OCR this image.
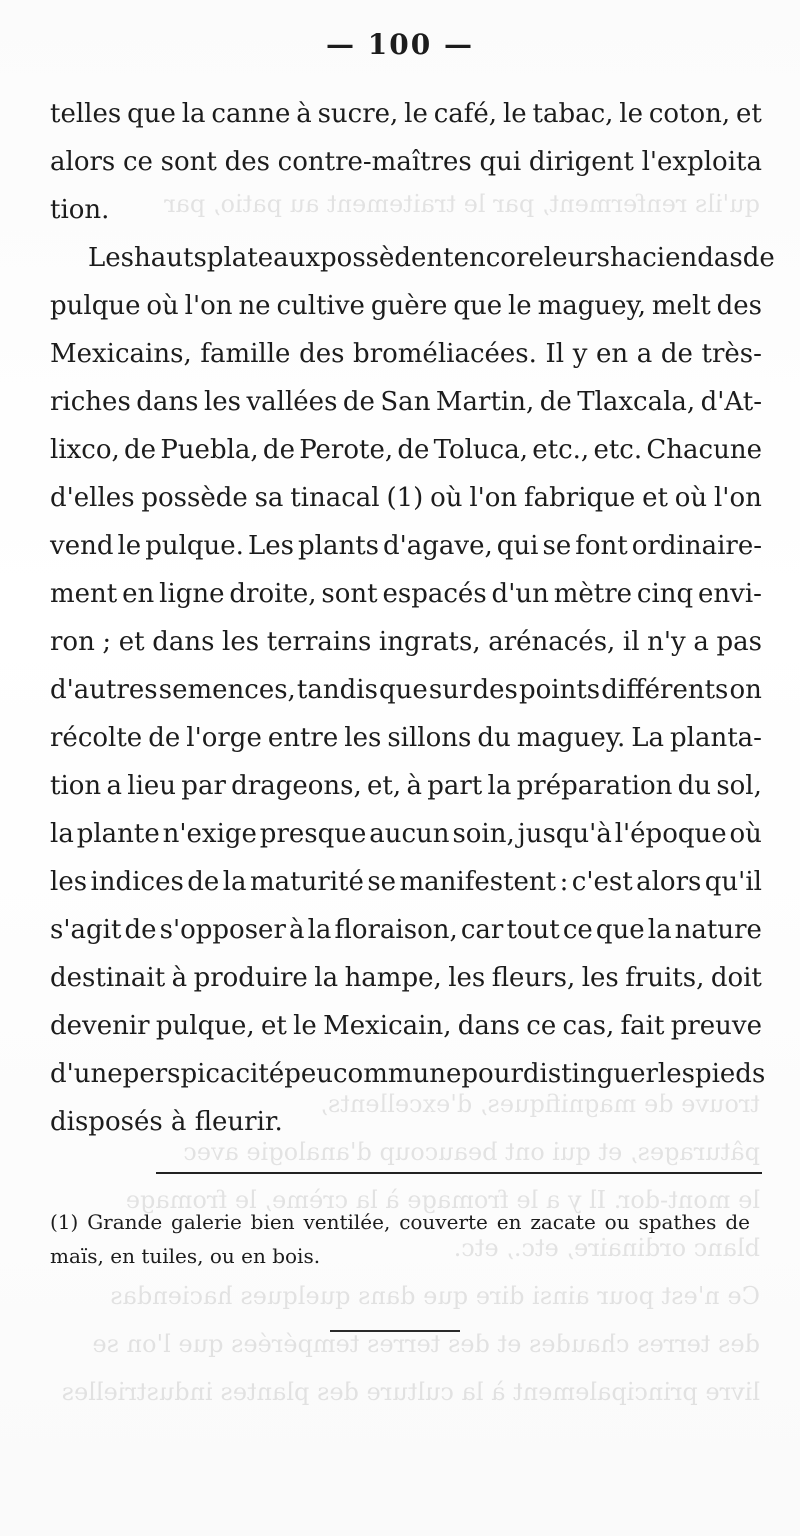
qu'ils renferment, par le traitement au patio, par
trouve de magnifiques, d'excellents,
pâturages, et qui ont beaucoup d'analogie avec
le mont-dor. Il y a le fromage à la crème, le fromage
blanc ordinaire, etc., etc.
Ce n'est pour ainsi dire que dans quelques haciendas
des terres chaudes et des terres tempérées que l'on se
livre principalement à la culture des plantes industrielles
— 100 —
telles que la canne à sucre, le café, le tabac, le coton, et
alors ce sont des contre-maîtres qui dirigent l'exploita
tion.
Les hauts plateaux possèdent encore leurs haciendas de
pulque où l'on ne cultive guère que le maguey, melt des
Mexicains, famille des broméliacées. Il y en a de très-
riches dans les vallées de San Martin, de Tlaxcala, d'At-
lixco, de Puebla, de Perote, de Toluca, etc., etc. Chacune
d'elles possède sa tinacal (1) où l'on fabrique et où l'on
vend le pulque. Les plants d'agave, qui se font ordinaire-
ment en ligne droite, sont espacés d'un mètre cinq envi-
ron ; et dans les terrains ingrats, arénacés, il n'y a pas
d'autres semences, tandis que sur des points différents on
récolte de l'orge entre les sillons du maguey. La planta-
tion a lieu par drageons, et, à part la préparation du sol,
la plante n'exige presque aucun soin, jusqu'à l'époque où
les indices de la maturité se manifestent : c'est alors qu'il
s'agit de s'opposer à la floraison, car tout ce que la nature
destinait à produire la hampe, les fleurs, les fruits, doit
devenir pulque, et le Mexicain, dans ce cas, fait preuve
d'une perspicacité peu commune pour distinguer les pieds
disposés à fleurir.
(1) Grande galerie bien ventilée, couverte en zacate ou spathes de
maïs, en tuiles, ou en bois.
